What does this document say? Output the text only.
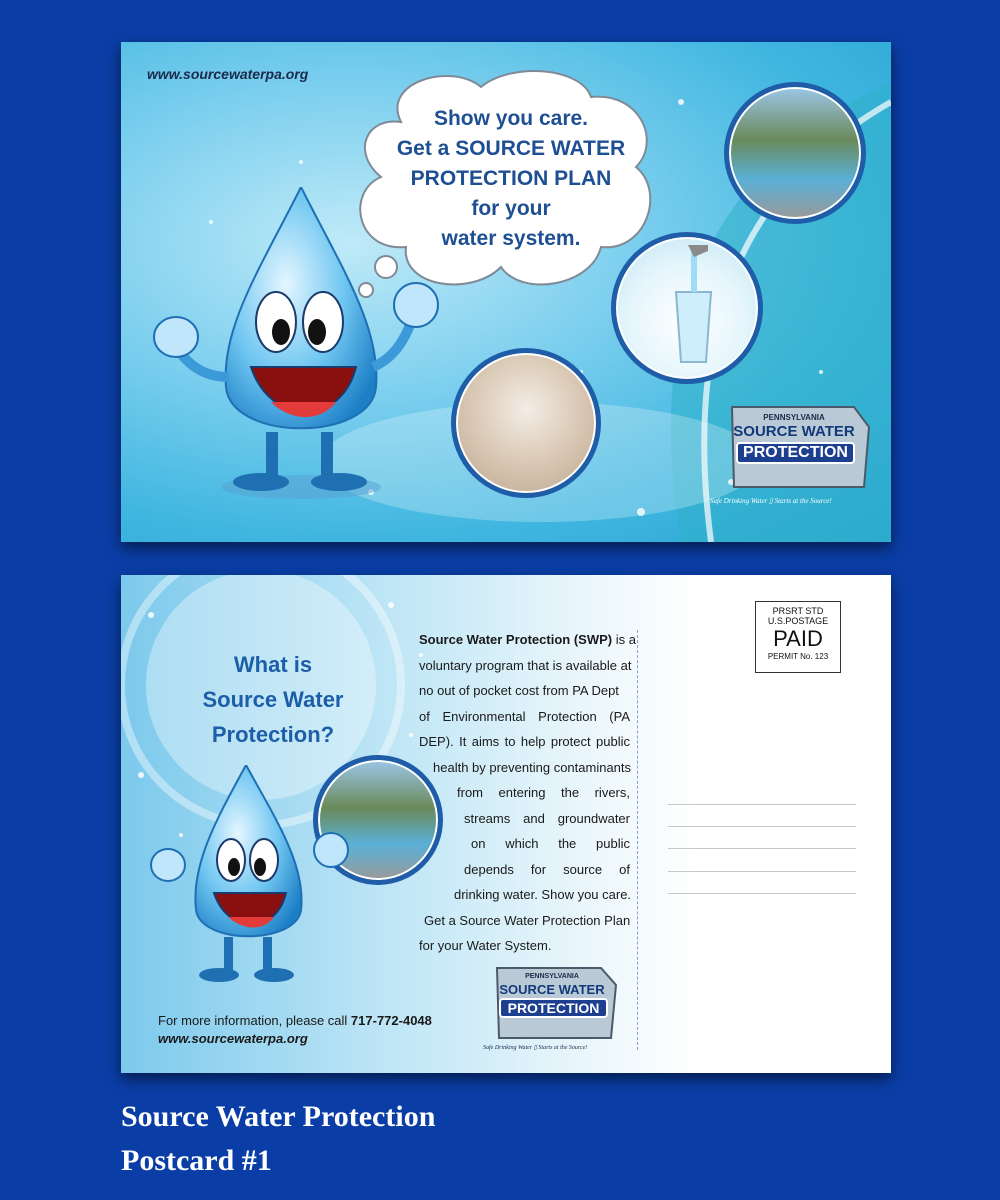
www.sourcewaterpa.org
Show you care.
Get a SOURCE WATER
PROTECTION PLAN
for your
water system.
PENNSYLVANIA
SOURCE WATER
PROTECTION
Safe Drinking Water ▯ Starts at the Source!
What is
Source Water
Protection?
Source Water Protection (SWP) is a
voluntary program that is available at
no out of pocket cost from PA Dept
of Environmental Protection (PA
DEP). It aims to help protect public
health by preventing contaminants
from entering the rivers,
streams and groundwater
on which the public
depends for source of
drinking water. Show you care.
Get a Source Water Protection Plan
for your Water System.
PRSRT STD
U.S.POSTAGE
PAID
PERMIT No. 123
PENNSYLVANIA
SOURCE WATER
PROTECTION
Safe Drinking Water ▯ Starts at the Source!
For more information, please call 717-772-4048
www.sourcewaterpa.org
Source Water Protection
Postcard #1
